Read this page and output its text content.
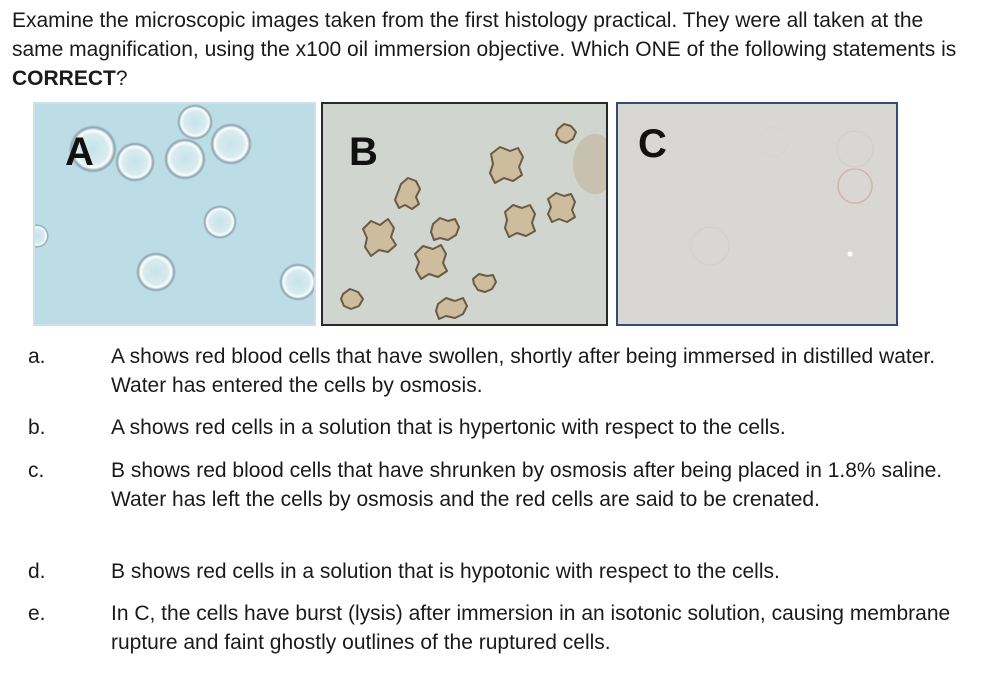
Examine the microscopic images taken from the first histology practical. They were all taken at the same magnification, using the x100 oil immersion objective. Which ONE of the following statements is CORRECT?
A	B	C
a.	A shows red blood cells that have swollen, shortly after being immersed in distilled water. Water has entered the cells by osmosis.
b.	A shows red cells in a solution that is hypertonic with respect to the cells.
c.	B shows red blood cells that have shrunken by osmosis after being placed in 1.8% saline. Water has left the cells by osmosis and the red cells are said to be crenated.
d.	B shows red cells in a solution that is hypotonic with respect to the cells.
e.	In C, the cells have burst (lysis) after immersion in an isotonic solution, causing membrane rupture and faint ghostly outlines of the ruptured cells.
